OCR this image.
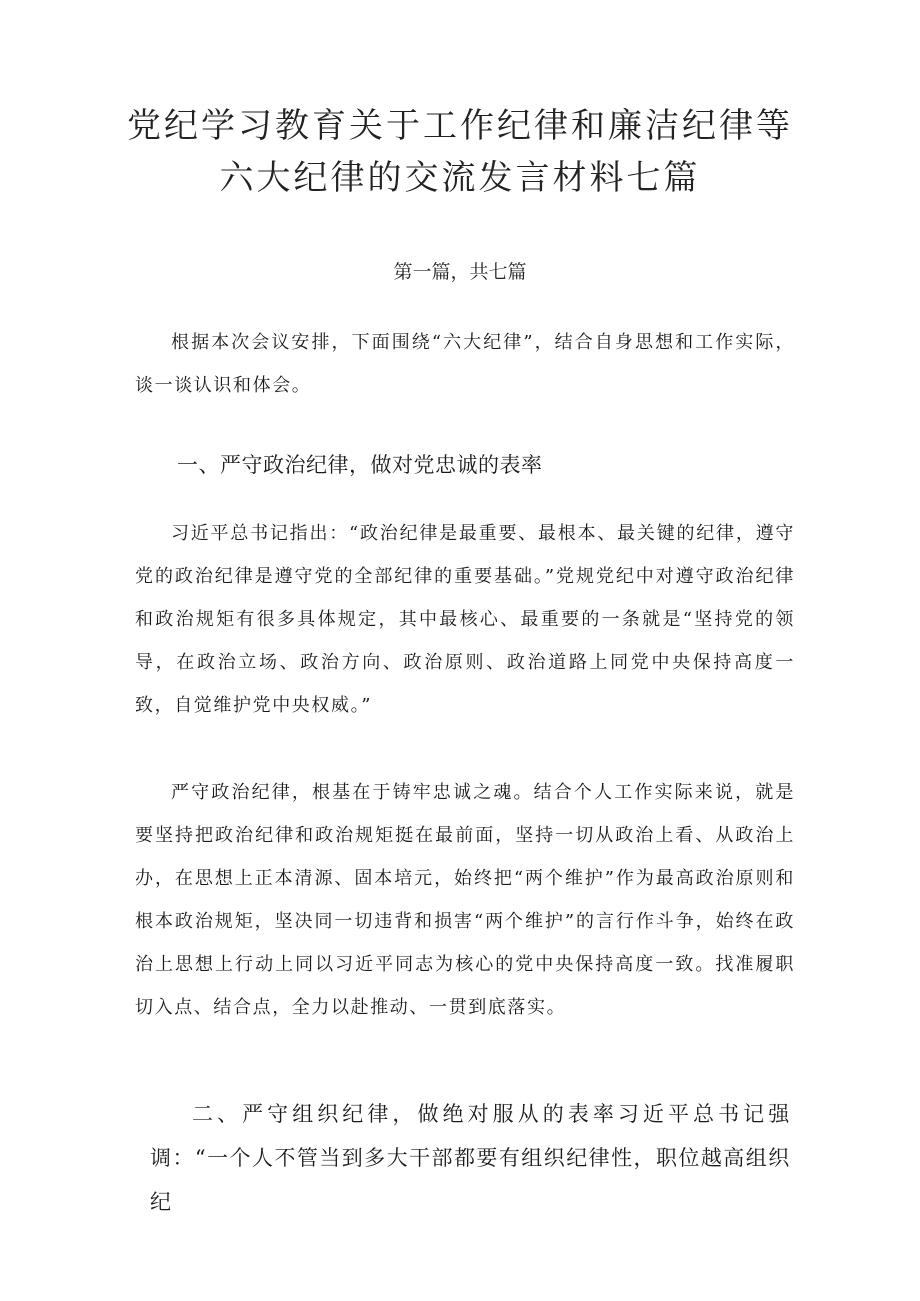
党纪学习教育关于工作纪律和廉洁纪律等
六大纪律的交流发言材料七篇

第一篇，共七篇

根据本次会议安排，下面围绕“六大纪律”，结合自身思想和工作实际，谈一谈认识和体会。

一、严守政治纪律，做对党忠诚的表率

习近平总书记指出：“政治纪律是最重要、最根本、最关键的纪律，遵守党的政治纪律是遵守党的全部纪律的重要基础。”党规党纪中对遵守政治纪律和政治规矩有很多具体规定，其中最核心、最重要的一条就是“坚持党的领导，在政治立场、政治方向、政治原则、政治道路上同党中央保持高度一致，自觉维护党中央权威。”

严守政治纪律，根基在于铸牢忠诚之魂。结合个人工作实际来说，就是要坚持把政治纪律和政治规矩挺在最前面，坚持一切从政治上看、从政治上办，在思想上正本清源、固本培元，始终把“两个维护”作为最高政治原则和根本政治规矩，坚决同一切违背和损害“两个维护”的言行作斗争，始终在政治上思想上行动上同以习近平同志为核心的党中央保持高度一致。找准履职切入点、结合点，全力以赴推动、一贯到底落实。

二、严守组织纪律，做绝对服从的表率习近平总书记强调：“一个人不管当到多大干部都要有组织纪律性，职位越高组织纪
